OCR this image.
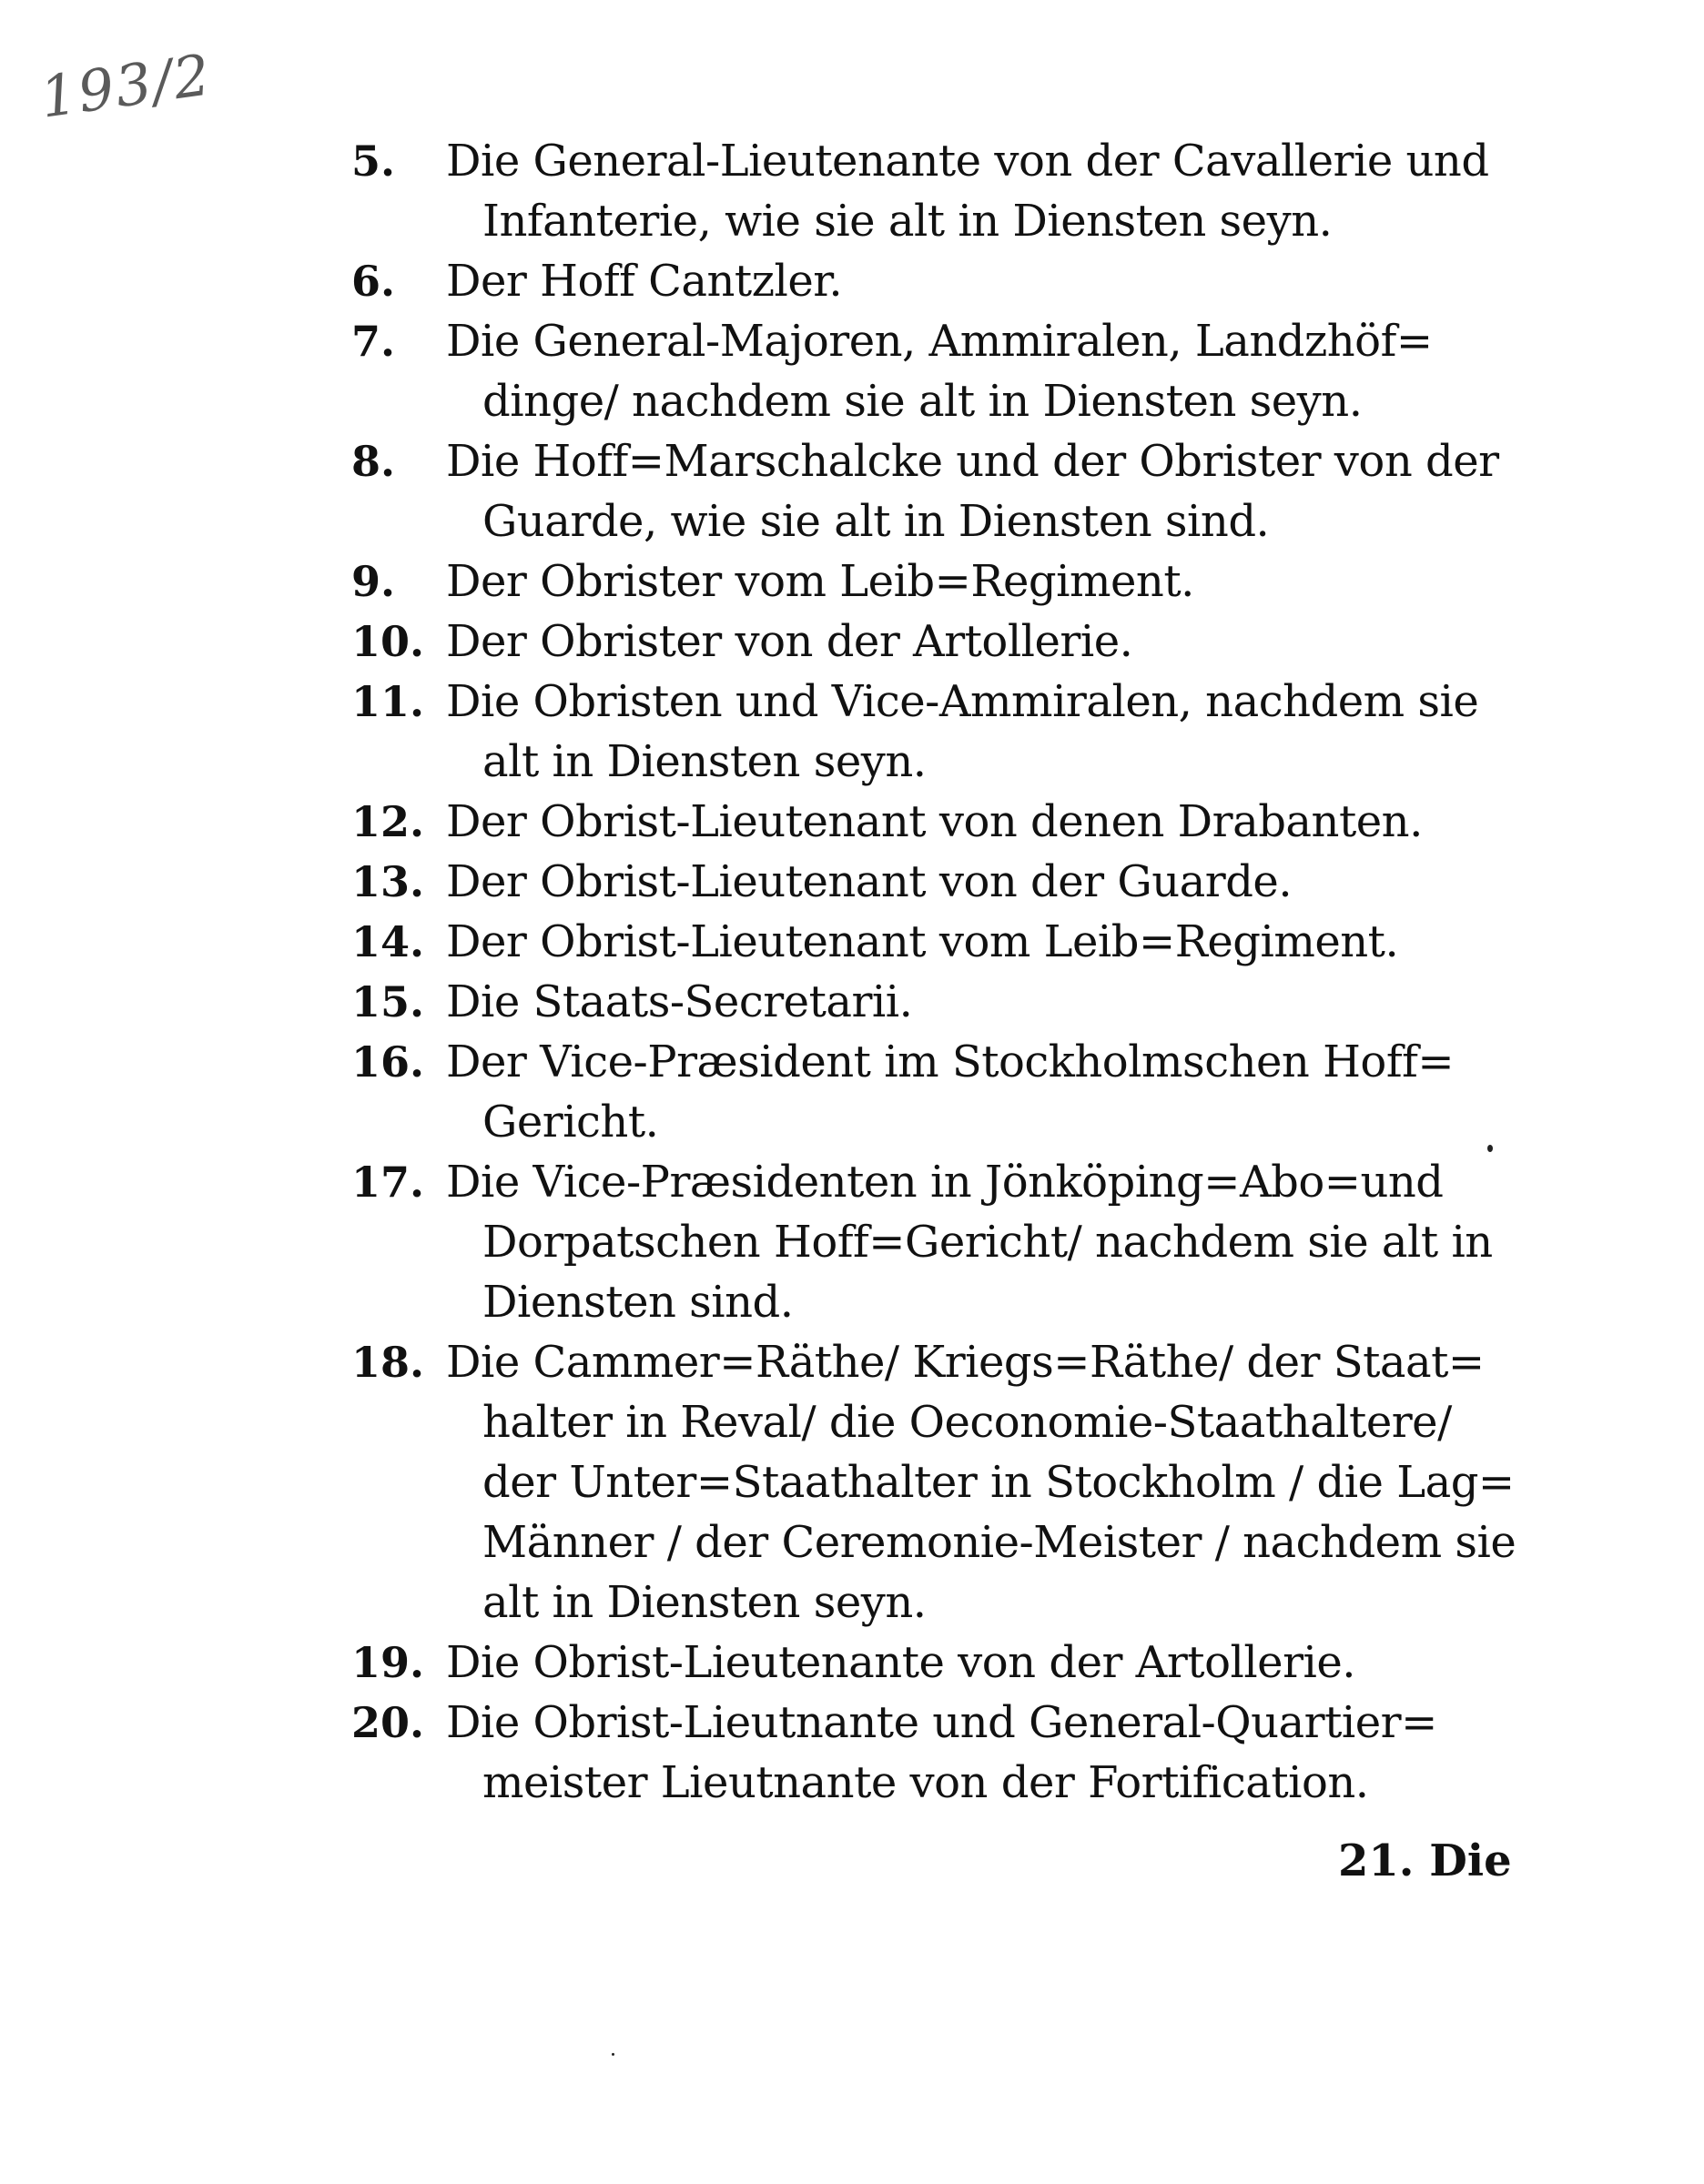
193/2
5.	Die General-Lieutenante von der Cavallerie und
Infanterie, wie sie alt in Diensten seyn.
6.	Der Hoff Cantzler.
7.	Die General-Majoren, Ammiralen, Landzhöf=
dinge/ nachdem sie alt in Diensten seyn.
8.	Die Hoff=Marschalcke und der Obrister von der
Guarde, wie sie alt in Diensten sind.
9.	Der Obrister vom Leib=Regiment.
10. Der Obrister von der Artollerie.
11. Die Obristen und Vice-Ammiralen, nachdem sie
alt in Diensten seyn.
12. Der Obrist-Lieutenant von denen Drabanten.
13. Der Obrist-Lieutenant von der Guarde.
14. Der Obrist-Lieutenant vom Leib=Regiment.
15. Die Staats-Secretarii.
16. Der Vice-Præsident im Stockholmschen Hoff=
Gericht.
17. Die Vice-Præsidenten in Jönköping=Abo=und
Dorpatschen Hoff=Gericht/ nachdem sie alt in
Diensten sind.
18. Die Cammer=Räthe/ Kriegs=Räthe/ der Staat=
halter in Reval/ die Oeconomie-Staathaltere/
der Unter=Staathalter in Stockholm / die Lag=
Männer / der Ceremonie-Meister / nachdem sie
alt in Diensten seyn.
19. Die Obrist-Lieutenante von der Artollerie.
20. Die Obrist-Lieutnante und General-Quartier=
meister Lieutnante von der Fortification.
21. Die
